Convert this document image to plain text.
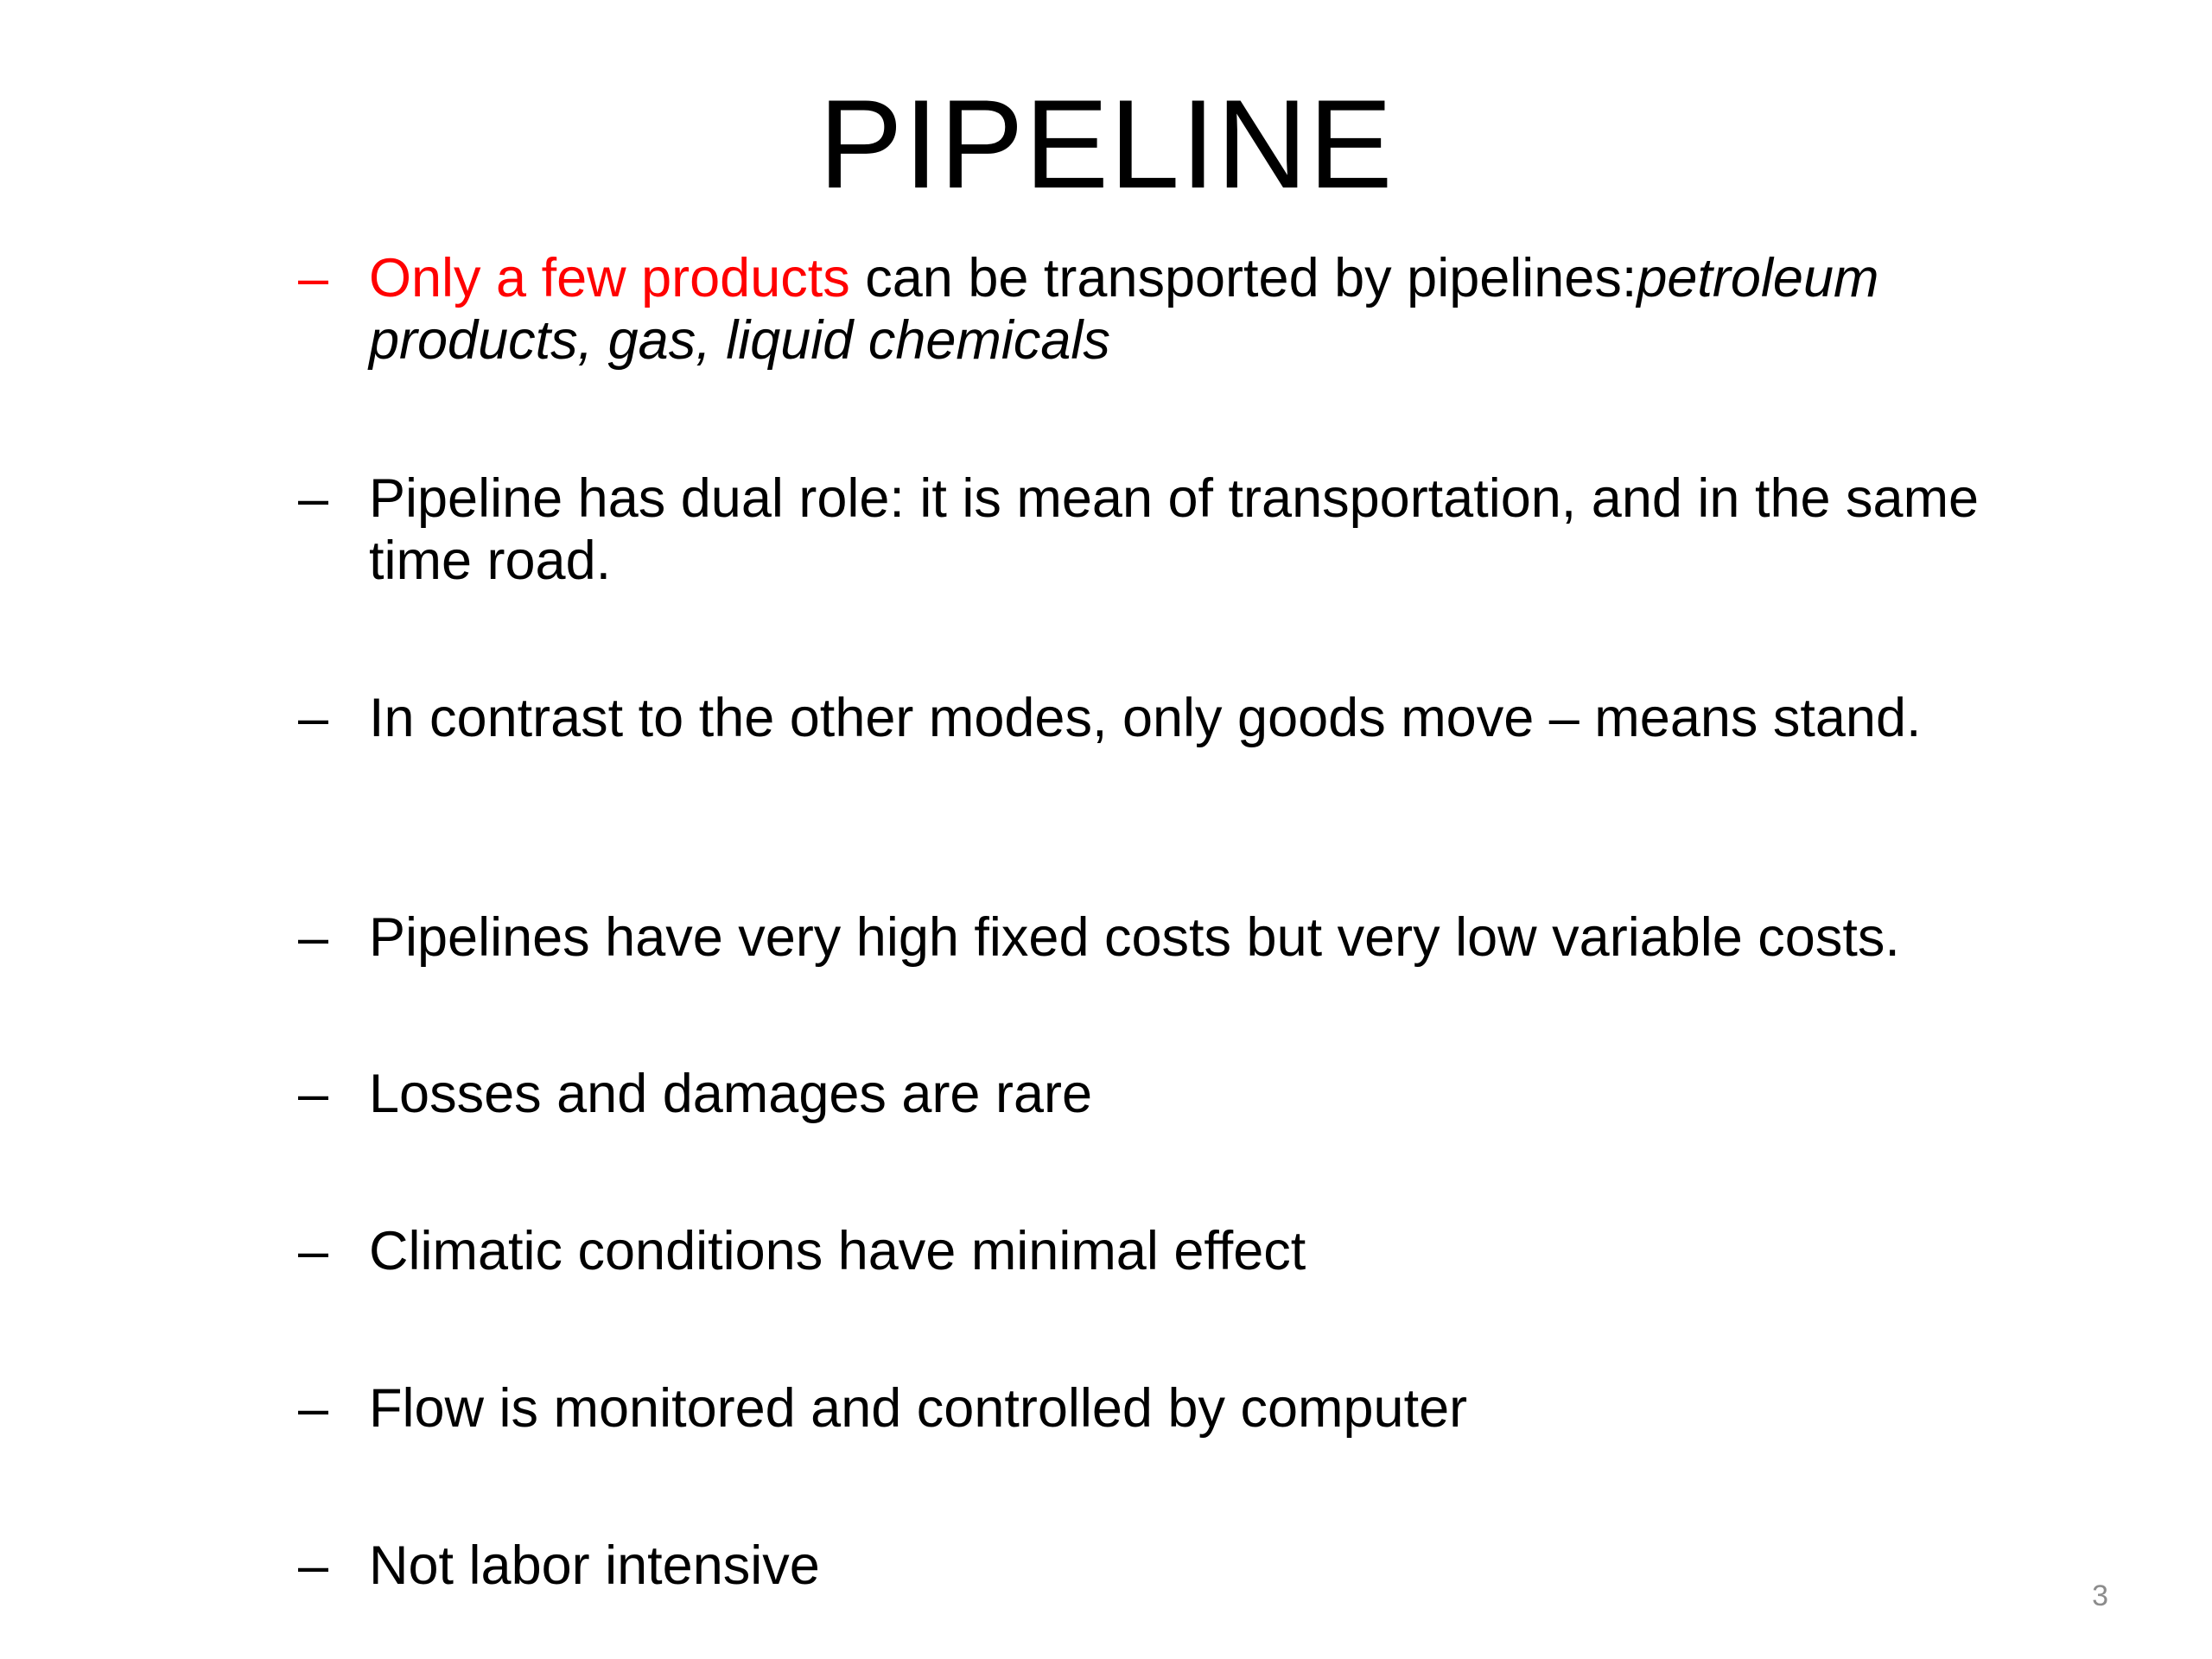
PIPELINE
– Only a few products can be transported by pipelines:petroleum products, gas, liquid chemicals
– Pipeline has dual role: it is mean of transportation, and in the same time road.
– In contrast to the other modes, only goods move – means stand.
– Pipelines have very high fixed costs but very low variable costs.
– Losses and damages are rare
– Climatic conditions have minimal effect
– Flow is monitored and controlled by computer
– Not labor intensive	3
